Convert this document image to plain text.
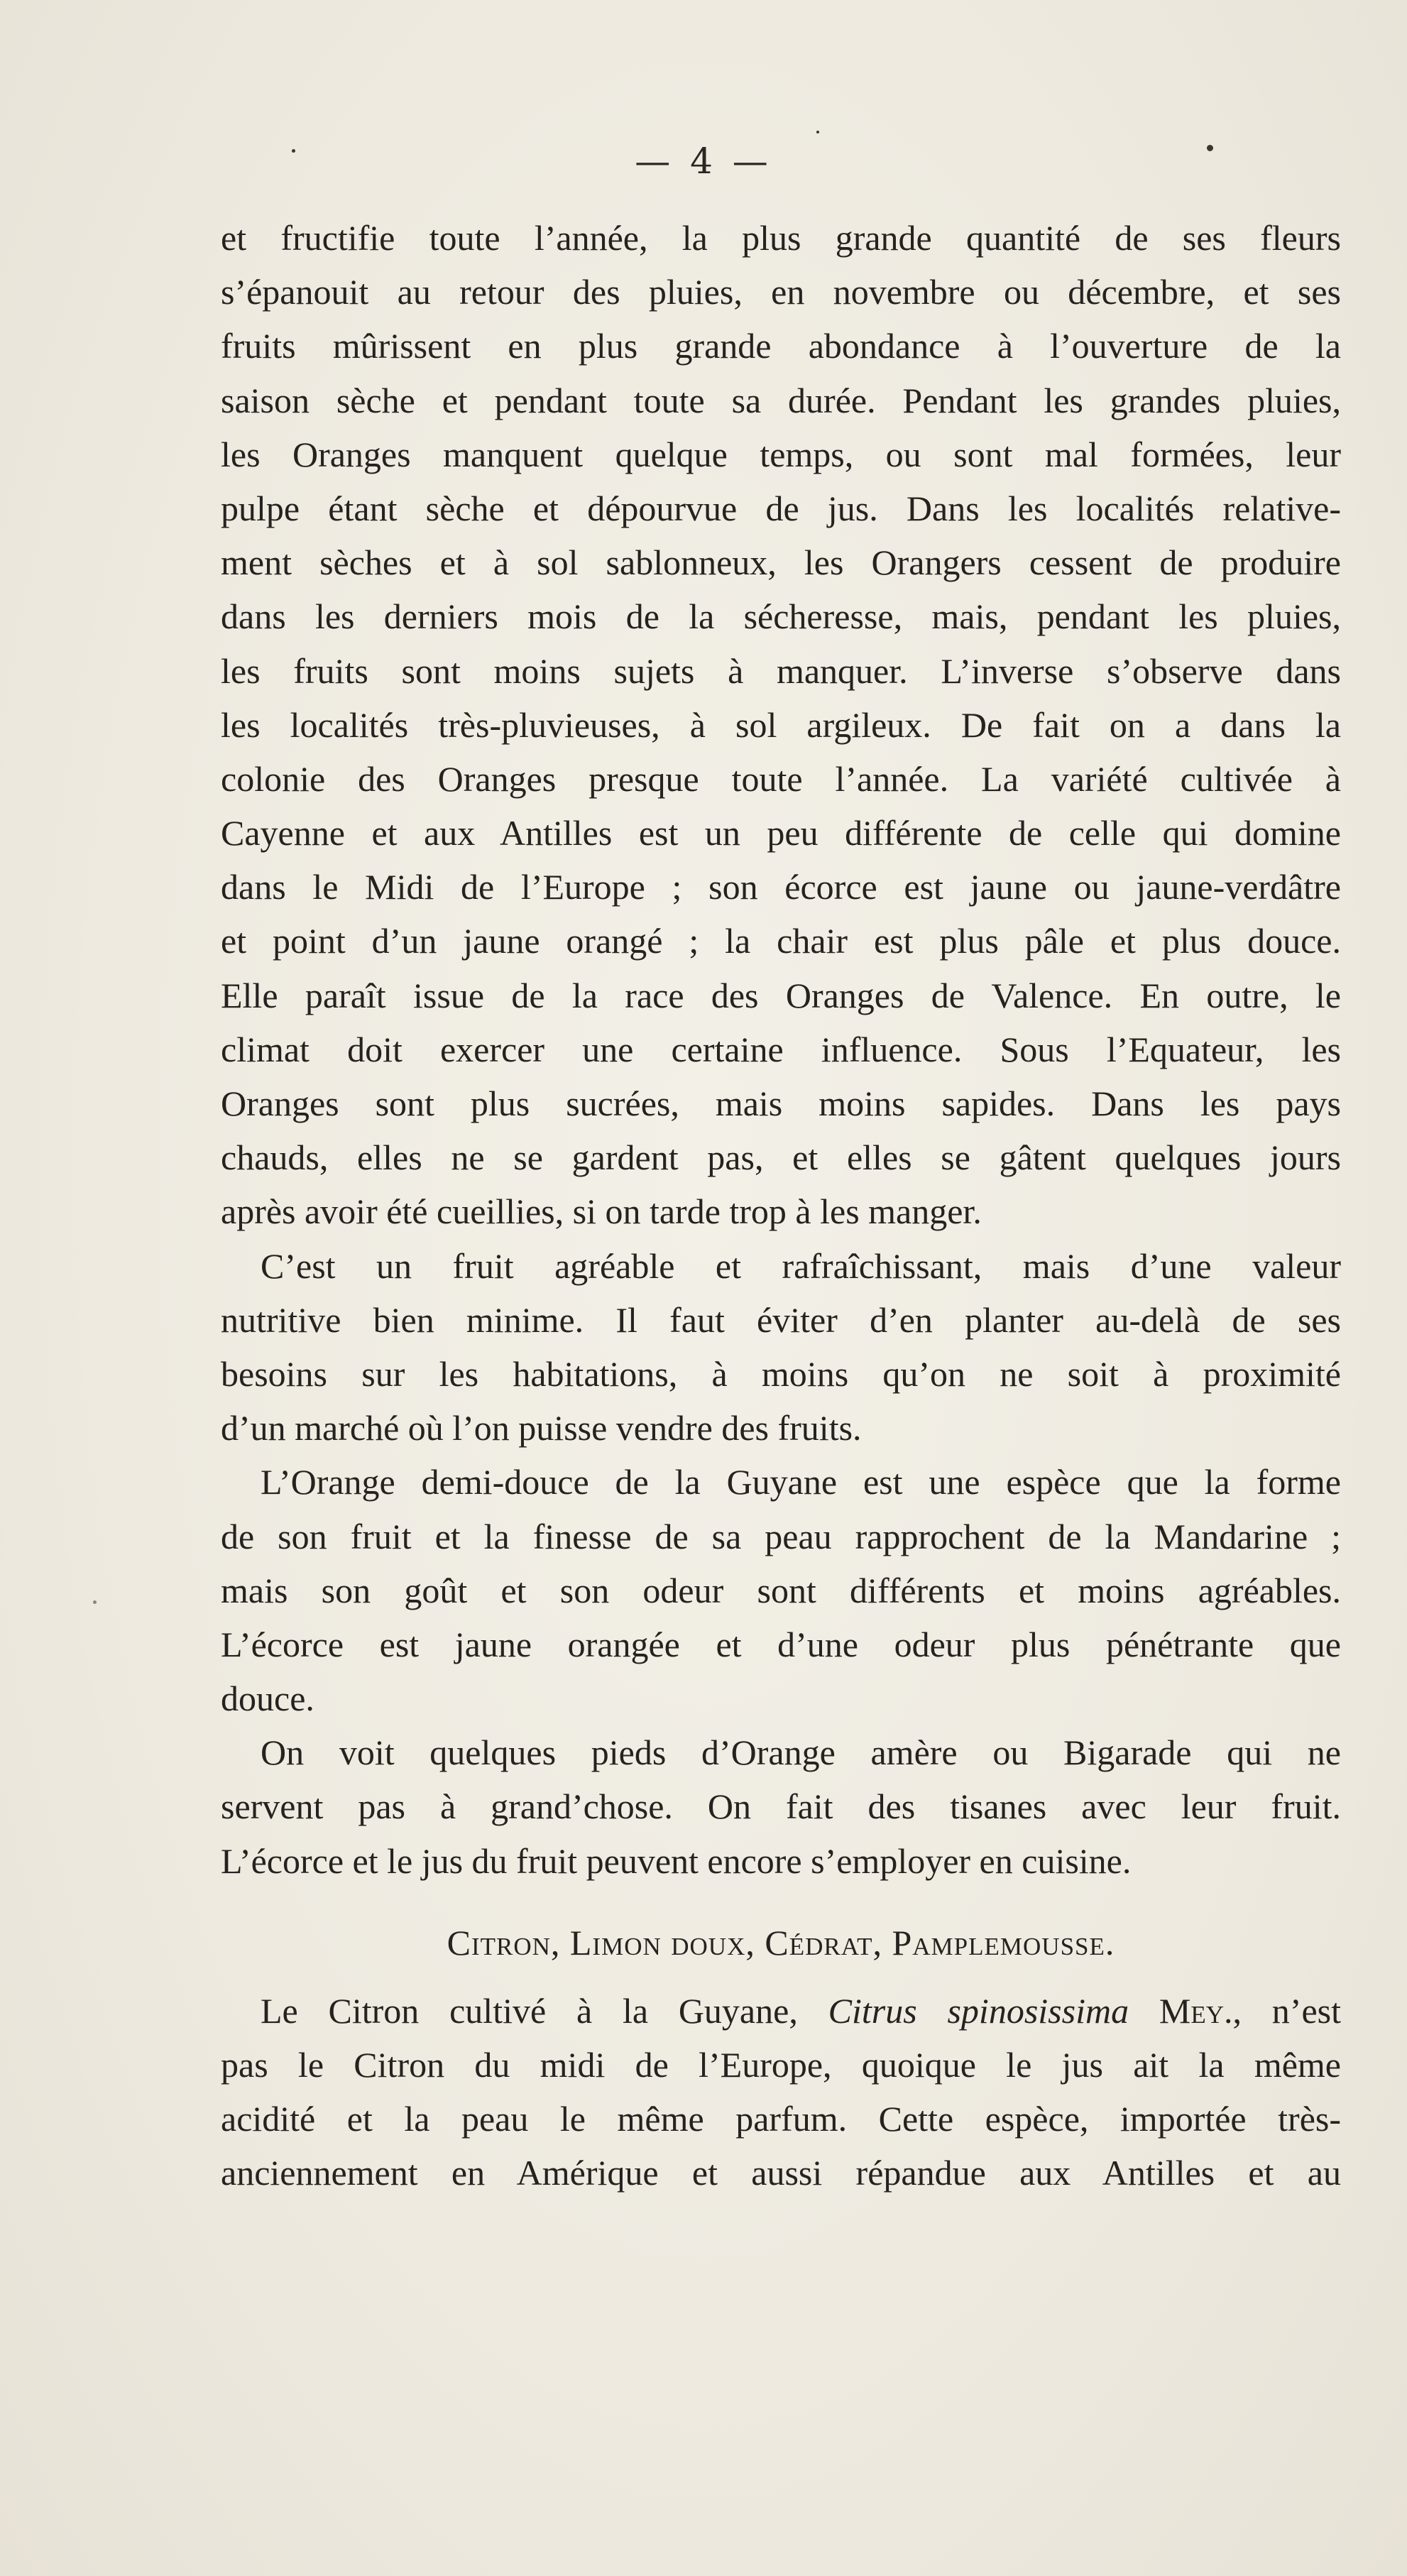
— 4 —
et fructifie toute l’année, la plus grande quantité de ses fleurs
s’épanouit au retour des pluies, en novembre ou décembre, et ses
fruits mûrissent en plus grande abondance à l’ouverture de la
saison sèche et pendant toute sa durée. Pendant les grandes pluies,
les Oranges manquent quelque temps, ou sont mal formées, leur
pulpe étant sèche et dépourvue de jus. Dans les localités relative-
ment sèches et à sol sablonneux, les Orangers cessent de produire
dans les derniers mois de la sécheresse, mais, pendant les pluies,
les fruits sont moins sujets à manquer. L’inverse s’observe dans
les localités très-pluvieuses, à sol argileux. De fait on a dans la
colonie des Oranges presque toute l’année. La variété cultivée à
Cayenne et aux Antilles est un peu différente de celle qui domine
dans le Midi de l’Europe ; son écorce est jaune ou jaune-verdâtre
et point d’un jaune orangé ; la chair est plus pâle et plus douce.
Elle paraît issue de la race des Oranges de Valence. En outre, le
climat doit exercer une certaine influence. Sous l’Equateur, les
Oranges sont plus sucrées, mais moins sapides. Dans les pays
chauds, elles ne se gardent pas, et elles se gâtent quelques jours
après avoir été cueillies, si on tarde trop à les manger.
C’est un fruit agréable et rafraîchissant, mais d’une valeur
nutritive bien minime. Il faut éviter d’en planter au-delà de ses
besoins sur les habitations, à moins qu’on ne soit à proximité
d’un marché où l’on puisse vendre des fruits.
L’Orange demi-douce de la Guyane est une espèce que la forme
de son fruit et la finesse de sa peau rapprochent de la Mandarine ;
mais son goût et son odeur sont différents et moins agréables.
L’écorce est jaune orangée et d’une odeur plus pénétrante que
douce.
On voit quelques pieds d’Orange amère ou Bigarade qui ne
servent pas à grand’chose. On fait des tisanes avec leur fruit.
L’écorce et le jus du fruit peuvent encore s’employer en cuisine.
Citron, Limon doux, Cédrat, Pamplemousse.
Le Citron cultivé à la Guyane, Citrus spinosissima Mey., n’est
pas le Citron du midi de l’Europe, quoique le jus ait la même
acidité et la peau le même parfum. Cette espèce, importée très-
anciennement en Amérique et aussi répandue aux Antilles et au
